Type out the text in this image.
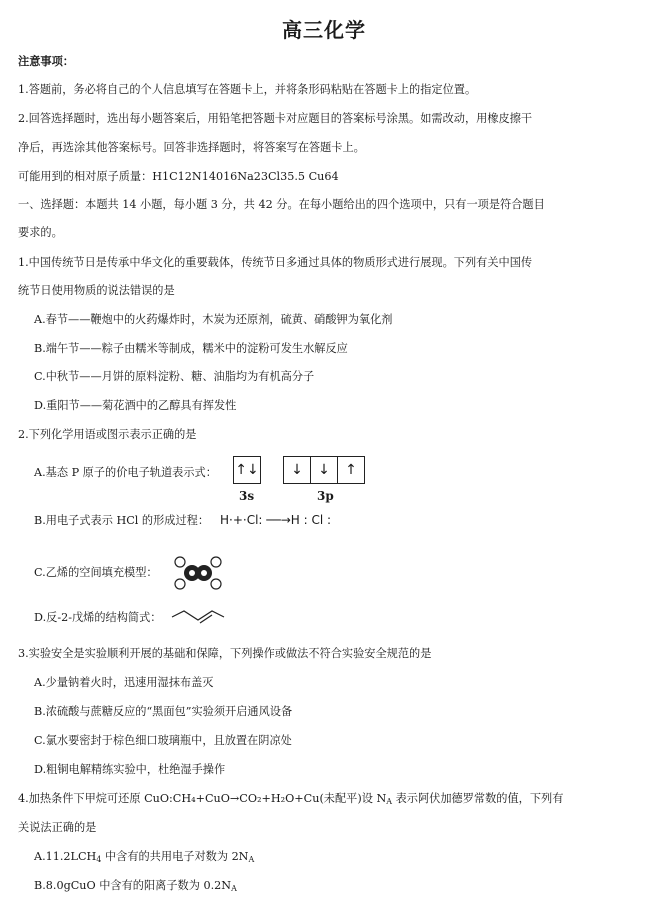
高三化学
注意事项：
1.答题前，务必将自己的个人信息填写在答题卡上，并将条形码粘贴在答题卡上的指定位置。
2.回答选择题时，选出每小题答案后，用铅笔把答题卡对应题目的答案标号涂黑。如需改动，用橡皮擦干
净后，再选涂其他答案标号。回答非选择题时，将答案写在答题卡上。
可能用到的相对原子质量：H1C12N14016Na23Cl35.5 Cu64
一、选择题：本题共 14 小题，每小题 3 分，共 42 分。在每小题给出的四个选项中，只有一项是符合题目
要求的。
1.中国传统节日是传承中华文化的重要载体，传统节日多通过具体的物质形式进行展现。下列有关中国传
统节日使用物质的说法错误的是
A.春节——鞭炮中的火药爆炸时，木炭为还原剂，硫黄、硝酸钾为氧化剂
B.端午节——粽子由糯米等制成，糯米中的淀粉可发生水解反应
C.中秋节——月饼的原料淀粉、糖、油脂均为有机高分子
D.重阳节——菊花酒中的乙醇具有挥发性
2.下列化学用语或图示表示正确的是
A.基态 P 原子的价电子轨道表示式：	↑↓	↓	↓	↑
3s	3p
B.用电子式表示 HCl 的形成过程： H·+·Cl: ──→H : Cl :
C.乙烯的空间填充模型：
D.反-2-戊烯的结构简式：
3.实验安全是实验顺利开展的基础和保障，下列操作或做法不符合实验安全规范的是
A.少量钠着火时，迅速用湿抹布盖灭
B.浓硫酸与蔗糖反应的“黑面包”实验须开启通风设备
C.氯水要密封于棕色细口玻璃瓶中，且放置在阴凉处
D.粗铜电解精练实验中，杜绝湿手操作
4.加热条件下甲烷可还原 CuO:CH₄+CuO→CO₂+H₂O+Cu(未配平)设 $N_A$ 表示阿伏加德罗常数的值，下列有
关说法正确的是
$A.11.2LCH_4$ 中含有的共用电子对数为 $2N_A$
B.8.0gCuO 中含有的阳离子数为 $0.2N_A$
